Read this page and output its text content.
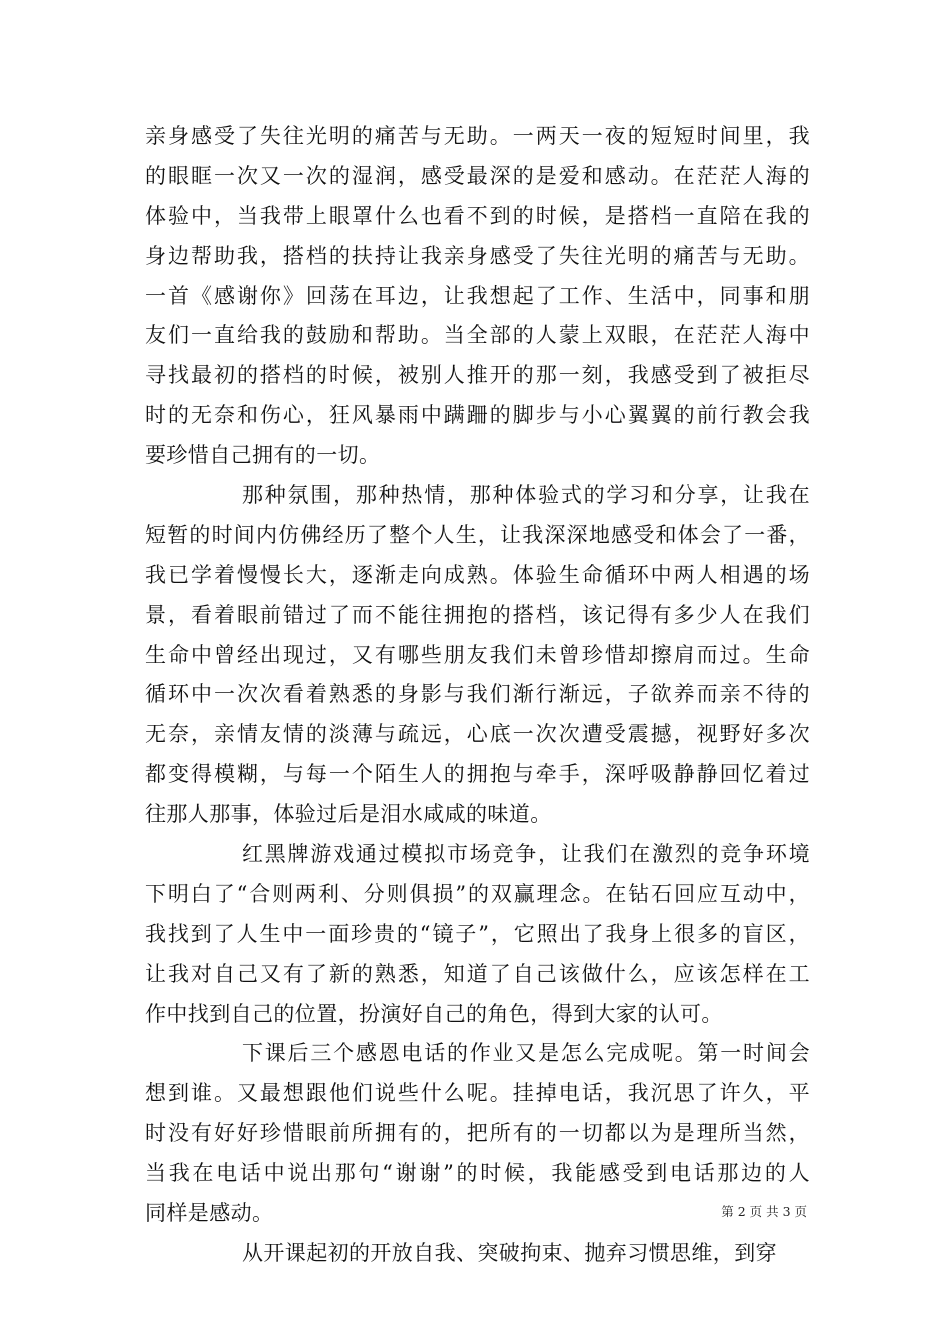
亲身感受了失往光明的痛苦与无助。一两天一夜的短短时间里，我
的眼眶一次又一次的湿润，感受最深的是爱和感动。在茫茫人海的
体验中，当我带上眼罩什么也看不到的时候，是搭档一直陪在我的
身边帮助我，搭档的扶持让我亲身感受了失往光明的痛苦与无助。
一首《感谢你》回荡在耳边，让我想起了工作、生活中，同事和朋
友们一直给我的鼓励和帮助。当全部的人蒙上双眼，在茫茫人海中
寻找最初的搭档的时候，被别人推开的那一刻，我感受到了被拒尽
时的无奈和伤心，狂风暴雨中蹒跚的脚步与小心翼翼的前行教会我
要珍惜自己拥有的一切。
那种氛围，那种热情，那种体验式的学习和分享，让我在
短暂的时间内仿佛经历了整个人生，让我深深地感受和体会了一番，
我已学着慢慢长大，逐渐走向成熟。体验生命循环中两人相遇的场
景，看着眼前错过了而不能往拥抱的搭档，该记得有多少人在我们
生命中曾经出现过，又有哪些朋友我们未曾珍惜却擦肩而过。生命
循环中一次次看着熟悉的身影与我们渐行渐远，子欲养而亲不待的
无奈，亲情友情的淡薄与疏远，心底一次次遭受震撼，视野好多次
都变得模糊，与每一个陌生人的拥抱与牵手，深呼吸静静回忆着过
往那人那事，体验过后是泪水咸咸的味道。
红黑牌游戏通过模拟市场竞争，让我们在激烈的竞争环境
下明白了“合则两利、分则俱损”的双赢理念。在钻石回应互动中，
我找到了人生中一面珍贵的“镜子”，它照出了我身上很多的盲区，
让我对自己又有了新的熟悉，知道了自己该做什么，应该怎样在工
作中找到自己的位置，扮演好自己的角色，得到大家的认可。
下课后三个感恩电话的作业又是怎么完成呢。第一时间会
想到谁。又最想跟他们说些什么呢。挂掉电话，我沉思了许久，平
时没有好好珍惜眼前所拥有的，把所有的一切都以为是理所当然，
当我在电话中说出那句“谢谢”的时候，我能感受到电话那边的人
同样是感动。
从开课起初的开放自我、突破拘束、抛弃习惯思维，到穿
第 2 页 共 3 页
